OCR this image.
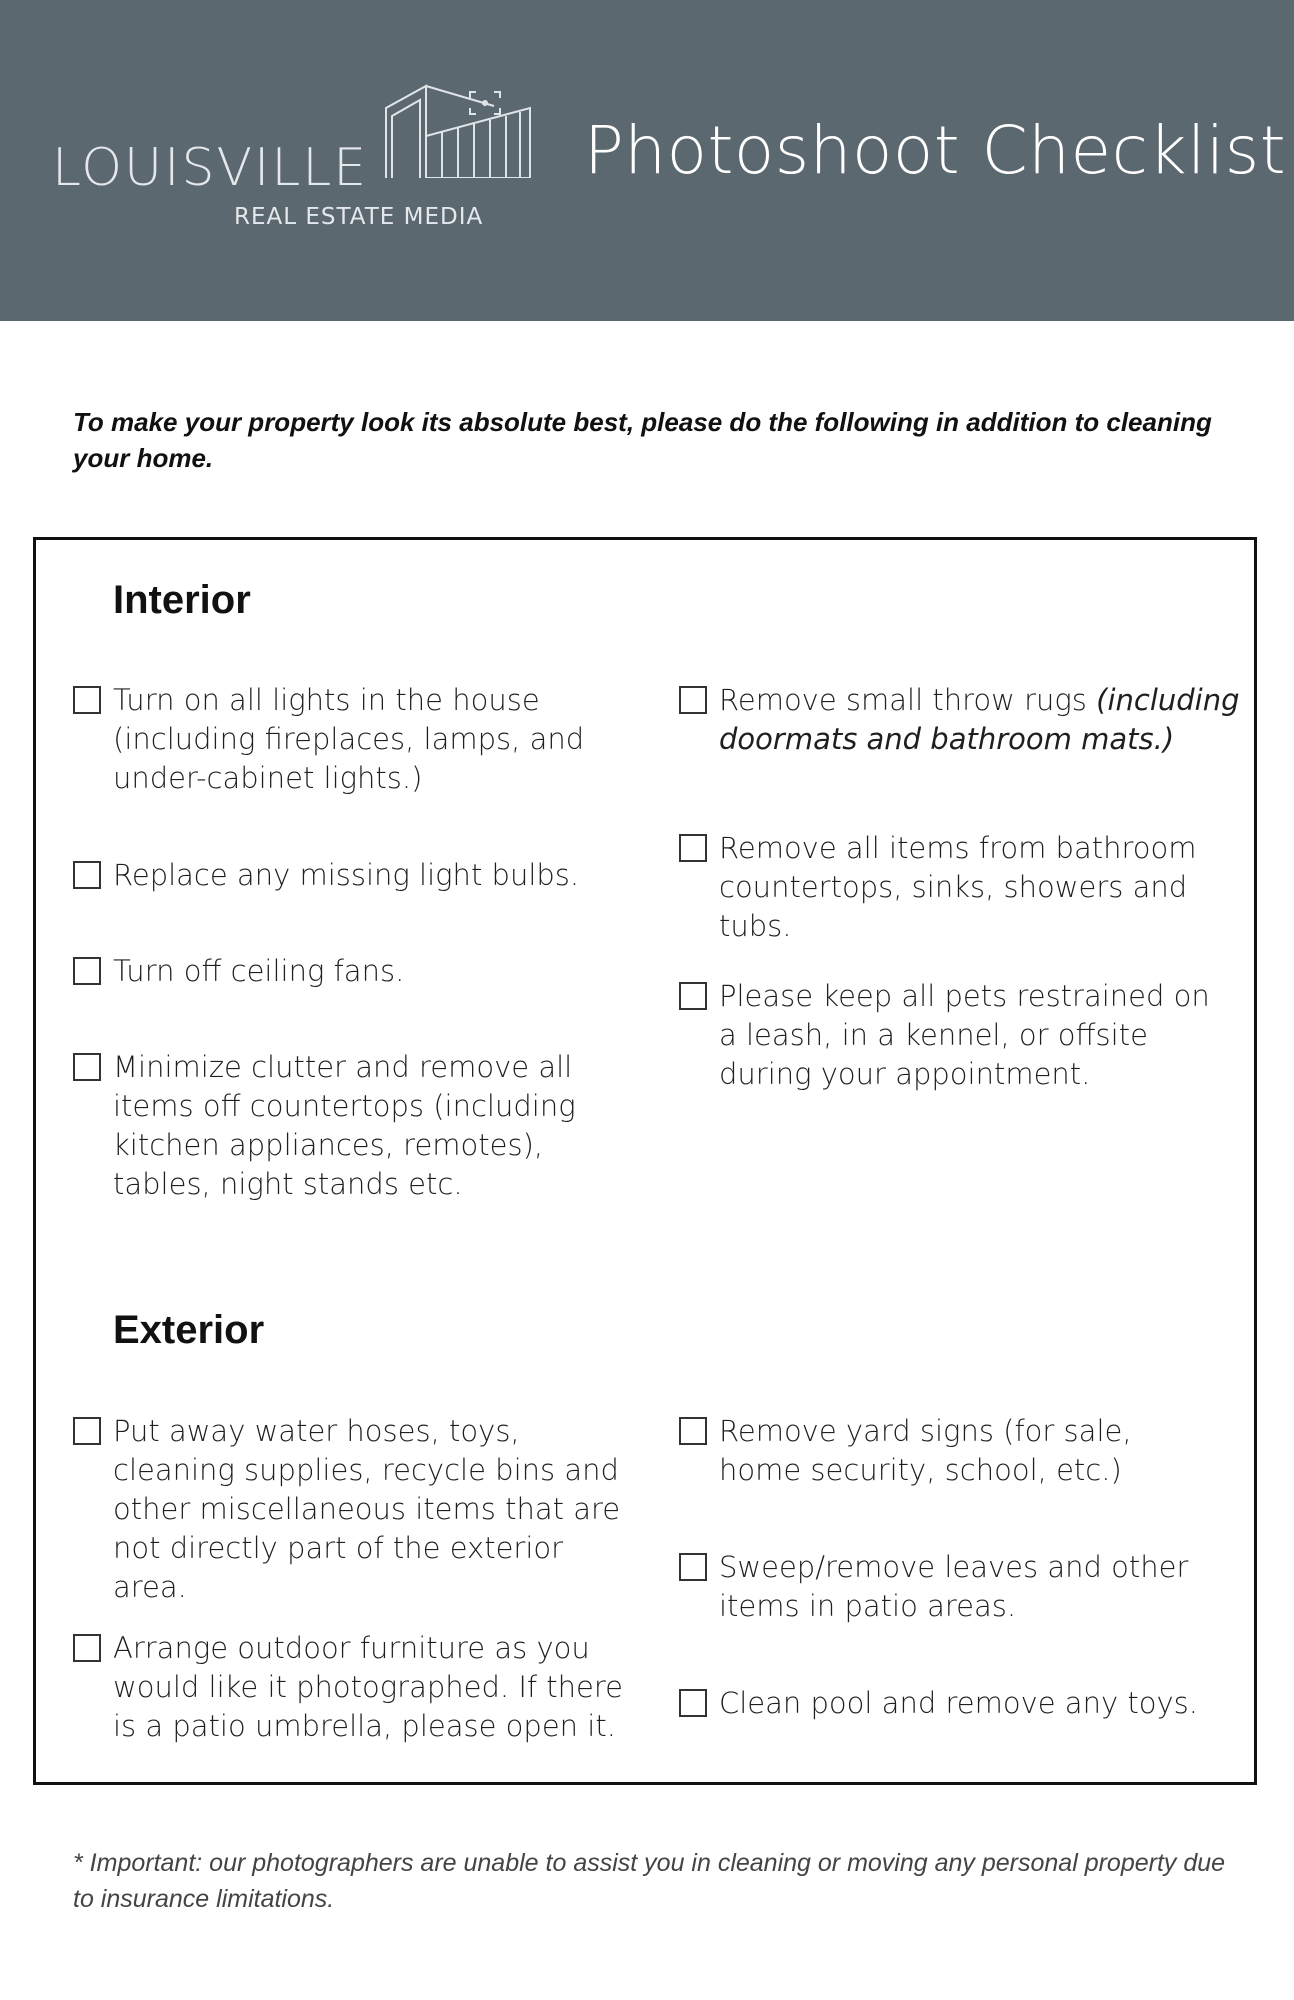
LOUISVILLE
REAL ESTATE MEDIA
Photoshoot Checklist
To make your property look its absolute best, please do the following in addition to cleaning your home.
Interior
Turn on all lights in the house (including fireplaces, lamps, and under-cabinet lights.)
Replace any missing light bulbs.
Turn off ceiling fans.
Minimize clutter and remove all items off countertops (including kitchen appliances, remotes), tables, night stands etc.
Remove small throw rugs (including doormats and bathroom mats.)
Remove all items from bathroom countertops, sinks, showers and tubs.
Please keep all pets restrained on a leash, in a kennel, or offsite during your appointment.
Exterior
Put away water hoses, toys, cleaning supplies, recycle bins and other miscellaneous items that are not directly part of the exterior area.
Arrange outdoor furniture as you would like it photographed. If there is a patio umbrella, please open it.
Remove yard signs (for sale, home security, school, etc.)
Sweep/remove leaves and other items in patio areas.
Clean pool and remove any toys.
* Important: our photographers are unable to assist you in cleaning or moving any personal property due to insurance limitations.
